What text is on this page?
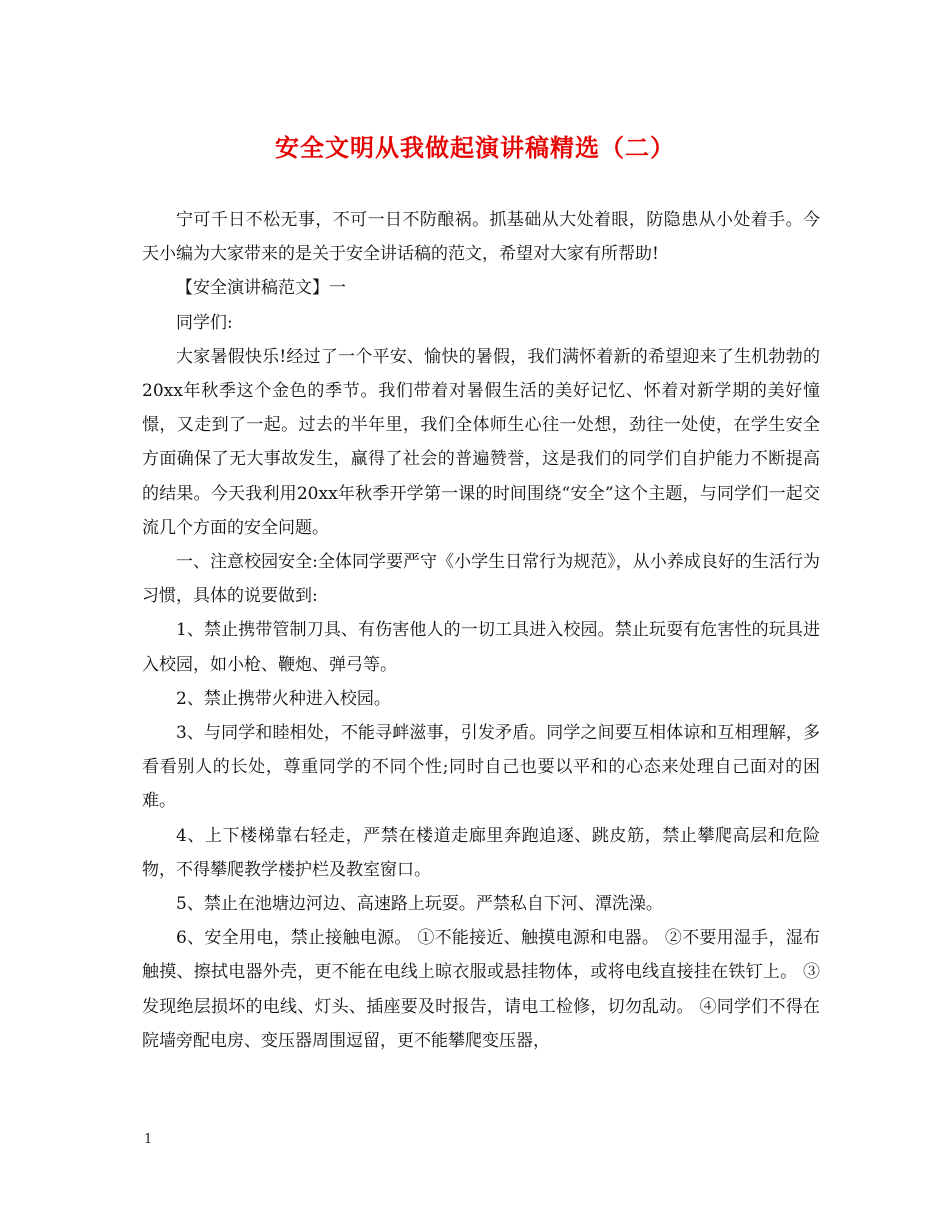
安全文明从我做起演讲稿精选（二）

宁可千日不松无事，不可一日不防酿祸。抓基础从大处着眼，防隐患从小处着手。今天小编为大家带来的是关于安全讲话稿的范文，希望对大家有所帮助!

【安全演讲稿范文】一

同学们:

大家暑假快乐!经过了一个平安、愉快的暑假，我们满怀着新的希望迎来了生机勃勃的20xx年秋季这个金色的季节。我们带着对暑假生活的美好记忆、怀着对新学期的美好憧憬，又走到了一起。过去的半年里，我们全体师生心往一处想，劲往一处使，在学生安全方面确保了无大事故发生，赢得了社会的普遍赞誉，这是我们的同学们自护能力不断提高的结果。今天我利用20xx年秋季开学第一课的时间围绕“安全”这个主题，与同学们一起交流几个方面的安全问题。

一、注意校园安全:全体同学要严守《小学生日常行为规范》，从小养成良好的生活行为习惯，具体的说要做到:

1、禁止携带管制刀具、有伤害他人的一切工具进入校园。禁止玩耍有危害性的玩具进入校园，如小枪、鞭炮、弹弓等。

2、禁止携带火种进入校园。

3、与同学和睦相处，不能寻衅滋事，引发矛盾。同学之间要互相体谅和互相理解，多看看别人的长处，尊重同学的不同个性;同时自己也要以平和的心态来处理自己面对的困难。

4、上下楼梯靠右轻走，严禁在楼道走廊里奔跑追逐、跳皮筋，禁止攀爬高层和危险物，不得攀爬教学楼护栏及教室窗口。

5、禁止在池塘边河边、高速路上玩耍。严禁私自下河、潭洗澡。

6、安全用电，禁止接触电源。 ①不能接近、触摸电源和电器。 ②不要用湿手，湿布触摸、擦拭电器外壳，更不能在电线上晾衣服或悬挂物体，或将电线直接挂在铁钉上。 ③发现绝层损坏的电线、灯头、插座要及时报告，请电工检修，切勿乱动。 ④同学们不得在院墙旁配电房、变压器周围逗留，更不能攀爬变压器，

1
